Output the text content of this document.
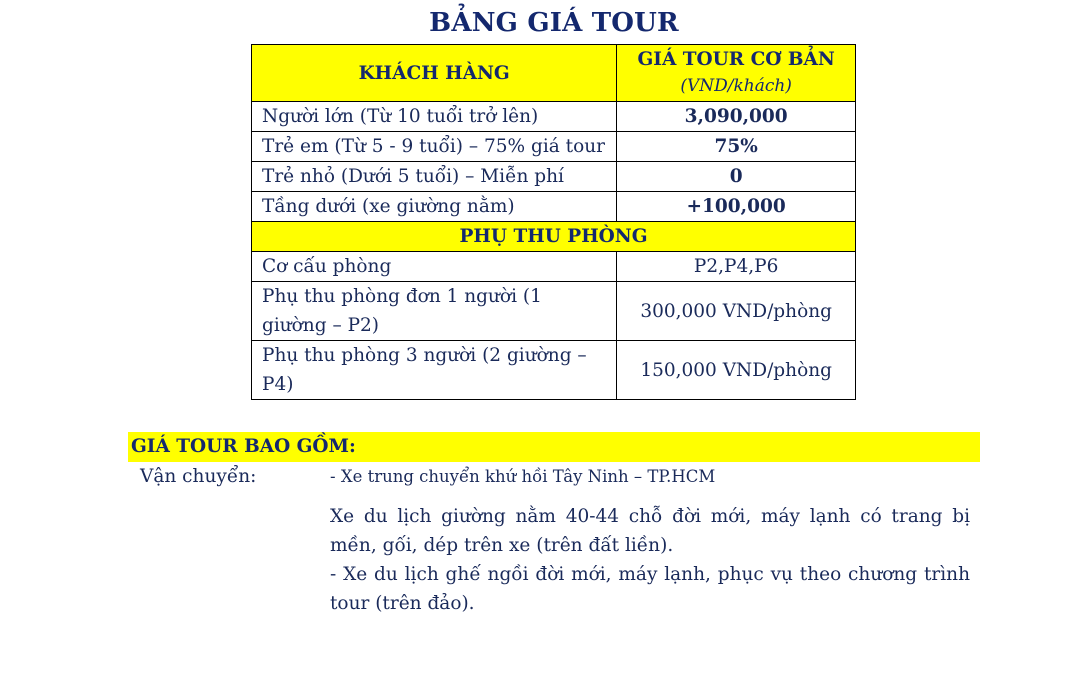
BẢNG GIÁ TOUR
KHÁCH HÀNG	GIÁ TOUR CƠ BẢN
(VND/khách)

Người lớn (Từ 10 tuổi trở lên)	3,090,000
Trẻ em (Từ 5 - 9 tuổi) – 75% giá tour	75%
Trẻ nhỏ (Dưới 5 tuổi) – Miễn phí	0
Tầng dưới (xe giường nằm)	+100,000
PHỤ THU PHÒNG	
Cơ cấu phòng	P2,P4,P6
Phụ thu phòng đơn 1 người (1 giường – P2)	300,000 VND/phòng
Phụ thu phòng 3 người (2 giường – P4)	150,000 VND/phòng
GIÁ TOUR BAO GỒM:
Vận chuyển:	- Xe trung chuyển khứ hồi Tây Ninh – TP.HCM

Xe du lịch giường nằm 40-44 chỗ đời mới, máy lạnh có trang bị mền, gối, dép trên xe (trên đất liền).

- Xe du lịch ghế ngồi đời mới, máy lạnh, phục vụ theo chương trình tour (trên đảo).
